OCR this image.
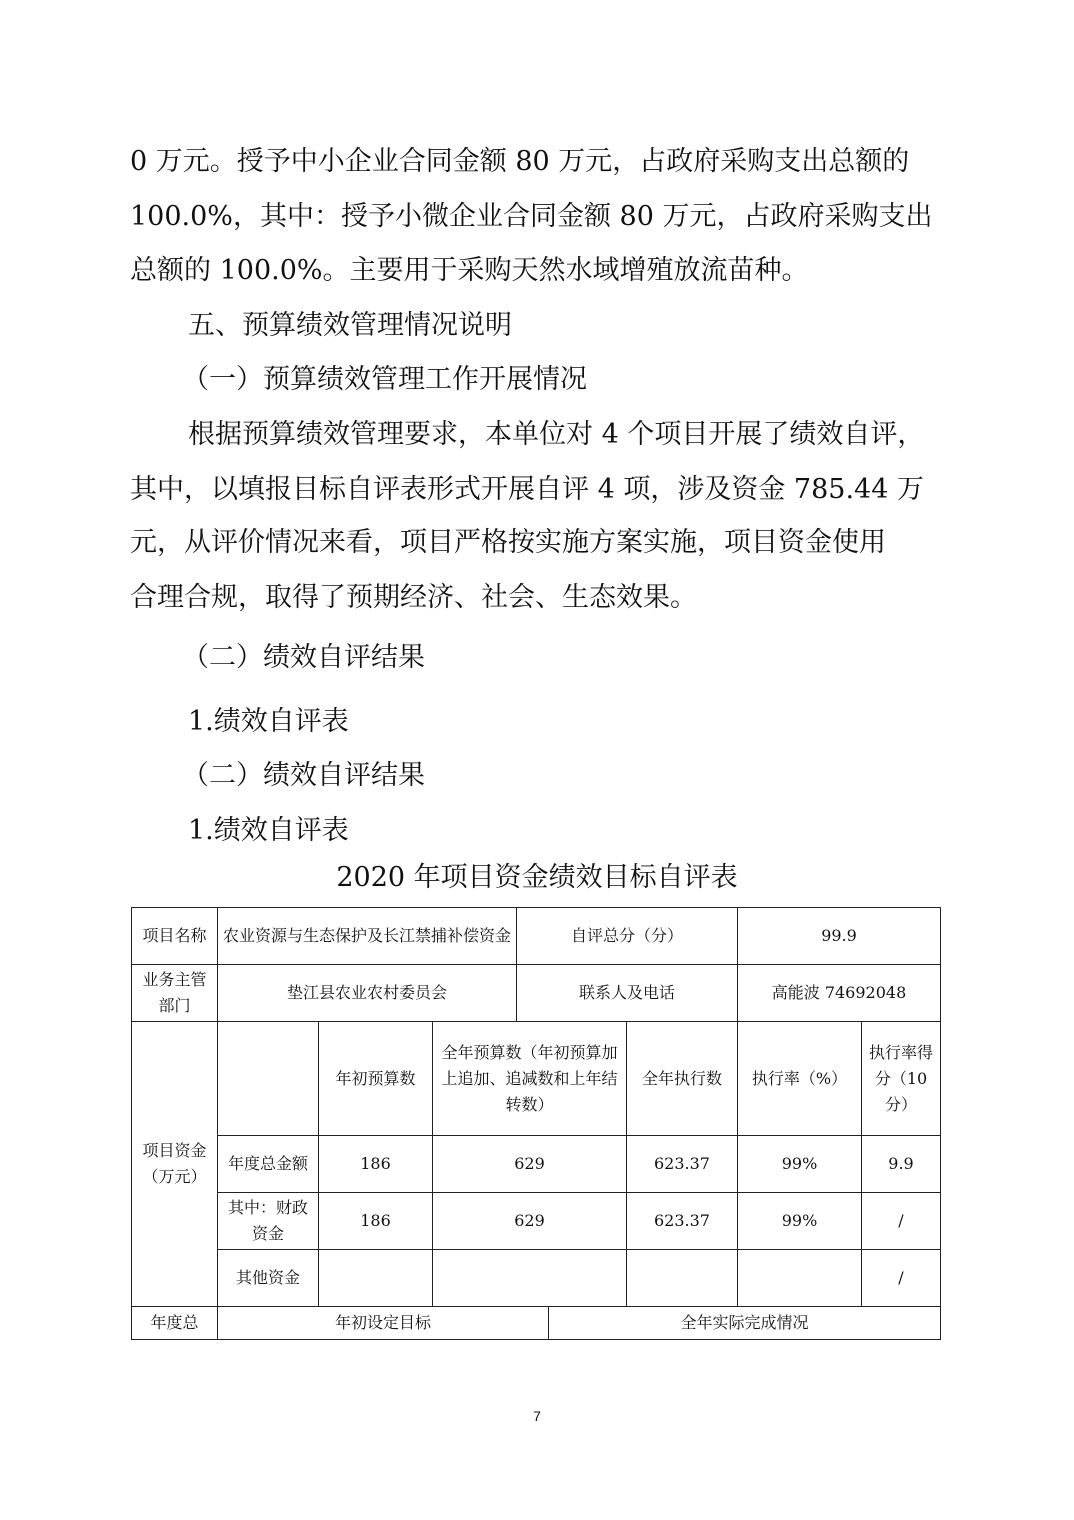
0 万元。授予中小企业合同金额 80 万元，占政府采购支出总额的
100.0%，其中：授予小微企业合同金额 80 万元，占政府采购支出
总额的 100.0%。主要用于采购天然水域增殖放流苗种。
五、预算绩效管理情况说明
（一）预算绩效管理工作开展情况
根据预算绩效管理要求，本单位对 4 个项目开展了绩效自评，
其中，以填报目标自评表形式开展自评 4 项，涉及资金 785.44 万
元，从评价情况来看，项目严格按实施方案实施，项目资金使用
合理合规，取得了预期经济、社会、生态效果。
（二）绩效自评结果
1.绩效自评表
（二）绩效自评结果
1.绩效自评表
2020 年项目资金绩效目标自评表
项目名称	农业资源与生态保护及长江禁捕补偿资金			自评总分（分）			99.9	
业务主管部门	垫江县农业农村委员会			联系人及电话			高能波 74692048	
项目资金（万元）		年初预算数	全年预算数（年初预算加上追加、追减数和上年结转数）			全年执行数	执行率（%）	执行率得分（10分）
	年度总金额	186	629			623.37	99%	9.9
	其中：财政资金	186	629			623.37	99%	/
	其他资金							/
年度总	年初设定目标				全年实际完成情况			
7
